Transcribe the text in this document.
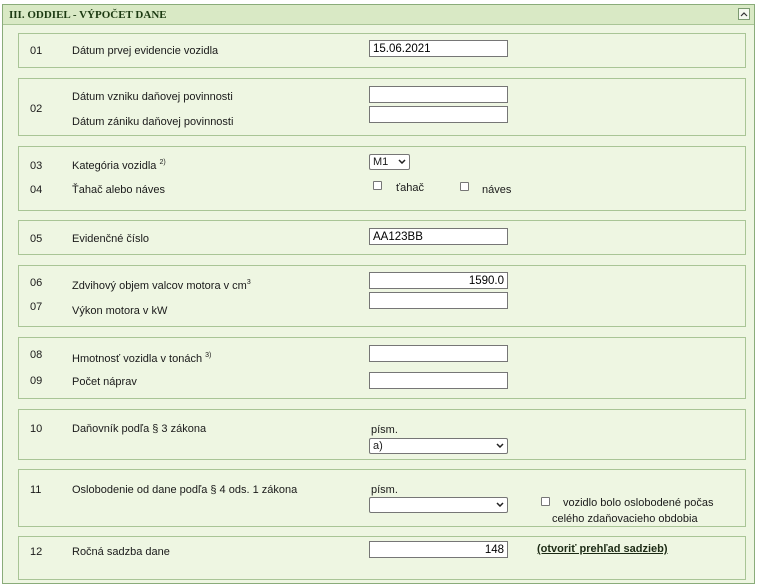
III. ODDIEL - VÝPOČET DANE
01	Dátum prvej evidencie vozidla
15.06.2021
02
Dátum vzniku daňovej povinnosti
Dátum zániku daňovej povinnosti
03	Kategória vozidla $^{2)}$	M1
04	Ťahač alebo náves	ťahač	náves
05	Evidenčné číslo
AA123BB
06	Zdvihový objem valcov motora v $cm^3$
1590.0
07	Výkon motora v kW
08	Hmotnosť vozidla v tonách $^{3)}$
09	Počet náprav
10	Daňovník podľa § 3 zákona	písm.
a)
11	Oslobodenie od dane podľa § 4 ods. 1 zákona	písm.
vozidlo bolo oslobodené počas
celého zdaňovacieho obdobia
12	Ročná sadzba dane
148	(otvoriť prehľad sadzieb)
